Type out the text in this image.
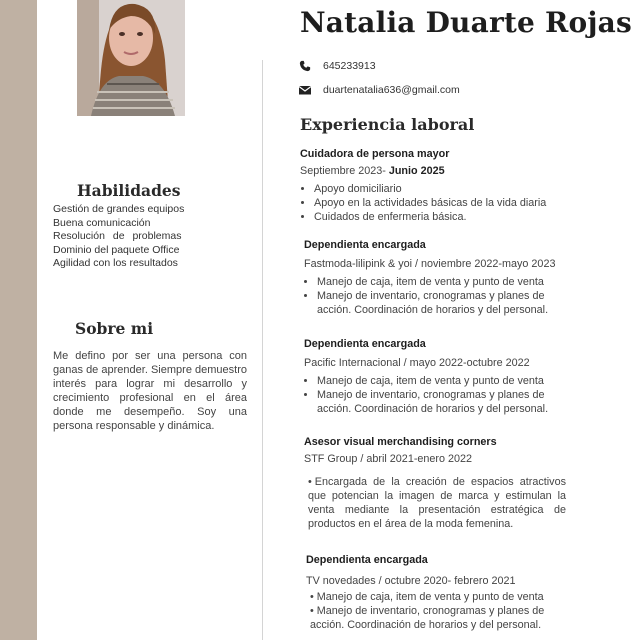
Natalia Duarte Rojas
645233913
duartenatalia636@gmail.com
Experiencia laboral
Habilidades
Gestión de grandes equipos
Buena comunicación
Resolución de problemas
Dominio del paquete Office
Agilidad con los resultados
Sobre mi

Me defino por ser una persona con ganas de aprender. Siempre demuestro interés para lograr mi desarrollo y crecimiento profesional en el área donde me desempeño. Soy una persona responsable y dinámica.

Cuidadora de persona mayor
Septiembre 2023- Junio 2025
• Apoyo domiciliario
• Apoyo en la actividades básicas de la vida diaria
• Cuidados de enfermeria básica.
Dependienta encargada
Fastmoda-lilipink & yoi / noviembre 2022-mayo 2023
• Manejo de caja, item de venta y punto de venta
• Manejo de inventario, cronogramas y planes de acción. Coordinación de horarios y del personal.
Dependienta encargada
Pacific Internacional / mayo 2022-octubre 2022
• Manejo de caja, item de venta y punto de venta
• Manejo de inventario, cronogramas y planes de acción. Coordinación de horarios y del personal.
Asesor visual merchandising corners
STF Group / abril 2021-enero 2022
• Encargada de la creación de espacios atractivos que potencian la imagen de marca y estimulan la venta mediante la presentación estratégica de productos en el área de la moda femenina.
Dependienta encargada
TV novedades / octubre 2020- febrero 2021
• Manejo de caja, item de venta y punto de venta
• Manejo de inventario, cronogramas y planes de acción. Coordinación de horarios y del personal.
